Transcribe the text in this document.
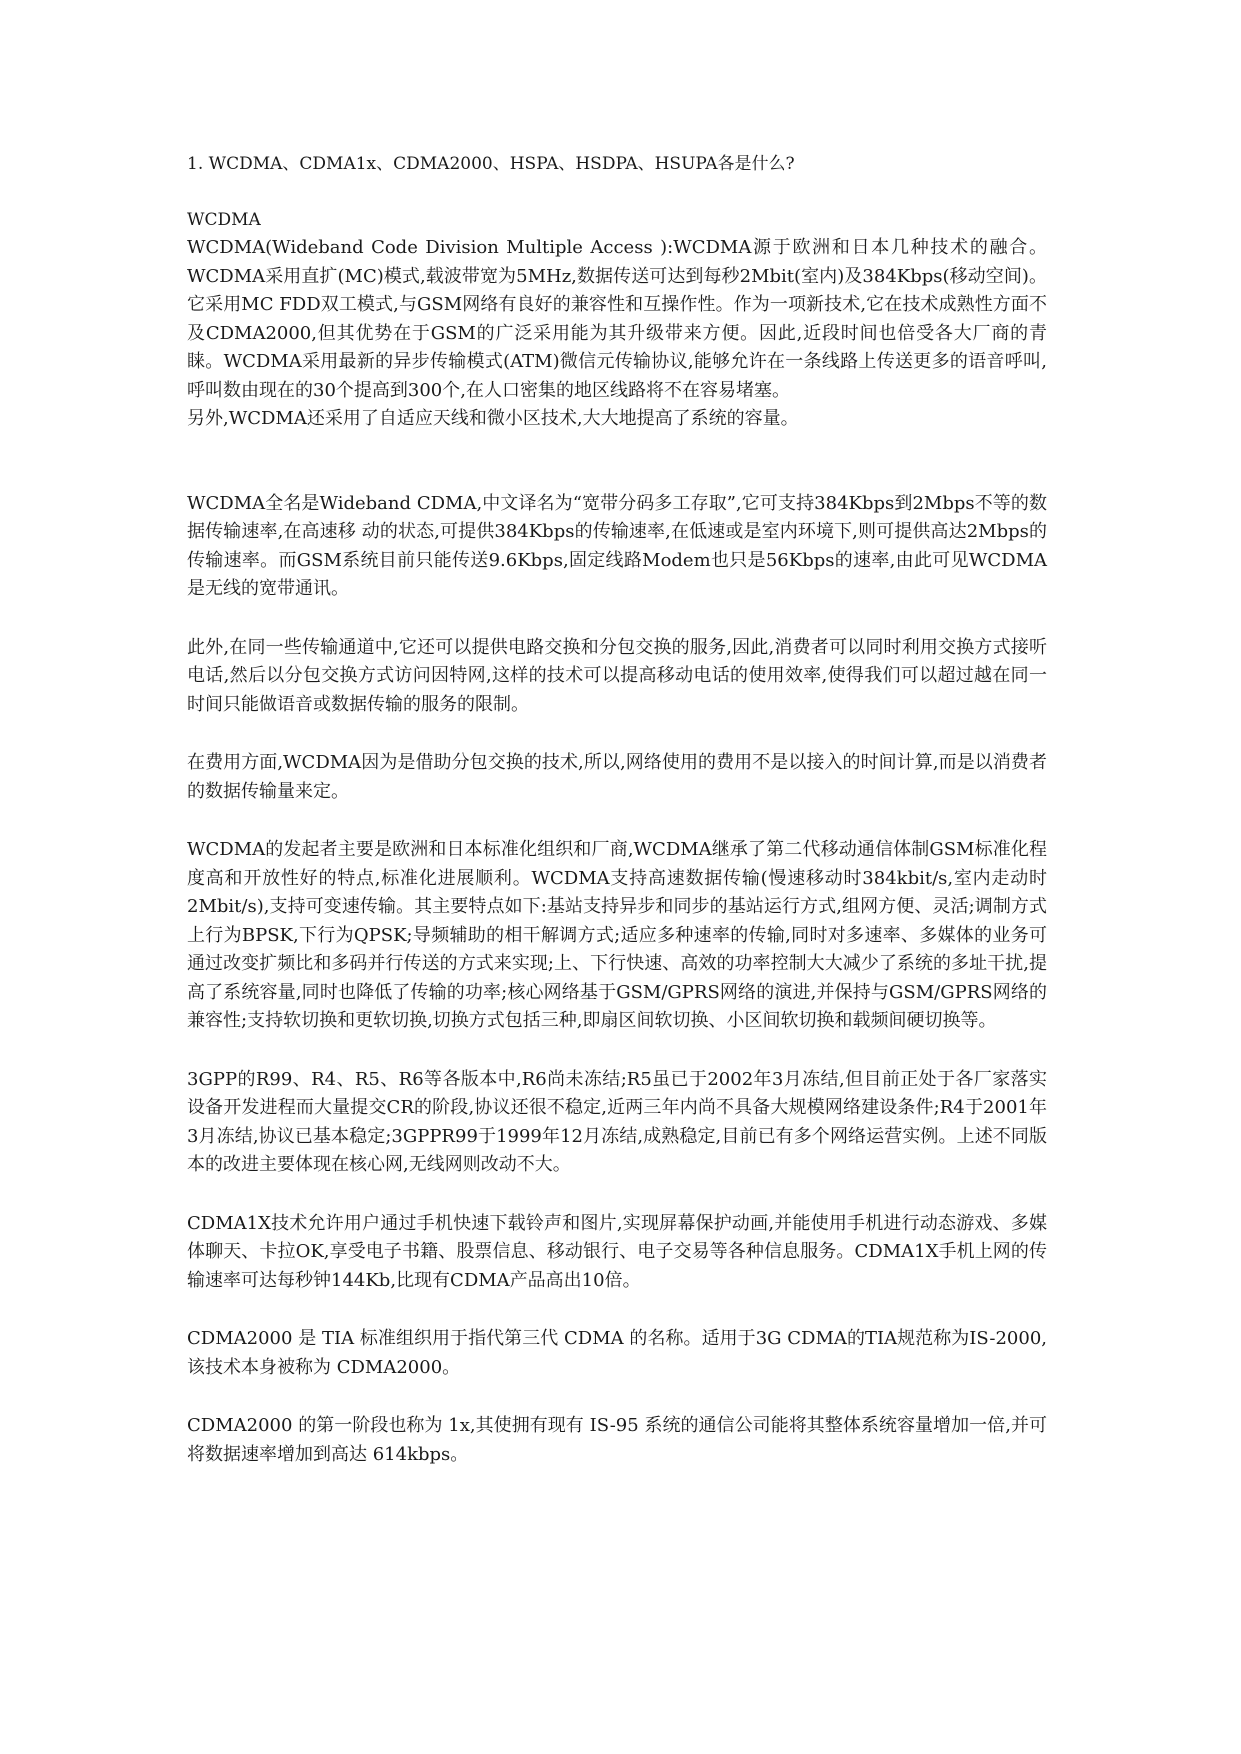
1. WCDMA、CDMA1x、CDMA2000、HSPA、HSDPA、HSUPA各是什么?

WCDMA

WCDMA(Wideband Code Division Multiple Access ):WCDMA源于欧洲和日本几种技术的融合。WCDMA采用直扩(MC)模式,载波带宽为5MHz,数据传送可达到每秒2Mbit(室内)及384Kbps(移动空间)。它采用MC FDD双工模式,与GSM网络有良好的兼容性和互操作性。作为一项新技术,它在技术成熟性方面不及CDMA2000,但其优势在于GSM的广泛采用能为其升级带来方便。因此,近段时间也倍受各大厂商的青睐。WCDMA采用最新的异步传输模式(ATM)微信元传输协议,能够允许在一条线路上传送更多的语音呼叫,呼叫数由现在的30个提高到300个,在人口密集的地区线路将不在容易堵塞。

另外,WCDMA还采用了自适应天线和微小区技术,大大地提高了系统的容量。

WCDMA全名是Wideband CDMA,中文译名为“宽带分码多工存取”,它可支持384Kbps到2Mbps不等的数据传输速率,在高速移 动的状态,可提供384Kbps的传输速率,在低速或是室内环境下,则可提供高达2Mbps的传输速率。而GSM系统目前只能传送9.6Kbps,固定线路Modem也只是56Kbps的速率,由此可见WCDMA是无线的宽带通讯。

此外,在同一些传输通道中,它还可以提供电路交换和分包交换的服务,因此,消费者可以同时利用交换方式接听电话,然后以分包交换方式访问因特网,这样的技术可以提高移动电话的使用效率,使得我们可以超过越在同一时间只能做语音或数据传输的服务的限制。

在费用方面,WCDMA因为是借助分包交换的技术,所以,网络使用的费用不是以接入的时间计算,而是以消费者的数据传输量来定。

WCDMA的发起者主要是欧洲和日本标准化组织和厂商,WCDMA继承了第二代移动通信体制GSM标准化程度高和开放性好的特点,标准化进展顺利。WCDMA支持高速数据传输(慢速移动时384kbit/s,室内走动时2Mbit/s),支持可变速传输。其主要特点如下:基站支持异步和同步的基站运行方式,组网方便、灵活;调制方式上行为BPSK,下行为QPSK;导频辅助的相干解调方式;适应多种速率的传输,同时对多速率、多媒体的业务可通过改变扩频比和多码并行传送的方式来实现;上、下行快速、高效的功率控制大大减少了系统的多址干扰,提高了系统容量,同时也降低了传输的功率;核心网络基于GSM/GPRS网络的演进,并保持与GSM/GPRS网络的兼容性;支持软切换和更软切换,切换方式包括三种,即扇区间软切换、小区间软切换和载频间硬切换等。

3GPP的R99、R4、R5、R6等各版本中,R6尚未冻结;R5虽已于2002年3月冻结,但目前正处于各厂家落实设备开发进程而大量提交CR的阶段,协议还很不稳定,近两三年内尚不具备大规模网络建设条件;R4于2001年3月冻结,协议已基本稳定;3GPPR99于1999年12月冻结,成熟稳定,目前已有多个网络运营实例。上述不同版本的改进主要体现在核心网,无线网则改动不大。

CDMA1X技术允许用户通过手机快速下载铃声和图片,实现屏幕保护动画,并能使用手机进行动态游戏、多媒体聊天、卡拉OK,享受电子书籍、股票信息、移动银行、电子交易等各种信息服务。CDMA1X手机上网的传输速率可达每秒钟144Kb,比现有CDMA产品高出10倍。

CDMA2000 是 TIA 标准组织用于指代第三代 CDMA 的名称。适用于3G CDMA的TIA规范称为IS-2000,该技术本身被称为 CDMA2000。

CDMA2000 的第一阶段也称为 1x,其使拥有现有 IS-95 系统的通信公司能将其整体系统容量增加一倍,并可将数据速率增加到高达 614kbps。
